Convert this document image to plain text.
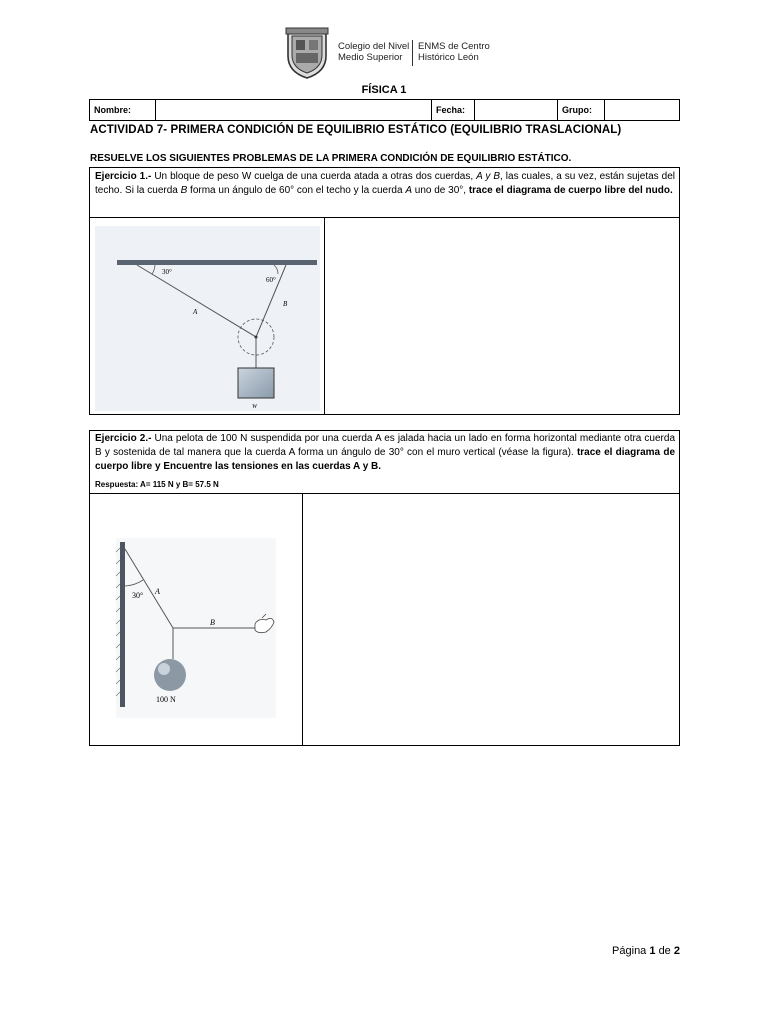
Colegio del Nivel
Medio Superior
ENMS de Centro
Histórico León
FÍSICA 1
Nombre:		Fecha:		Grupo:	
ACTIVIDAD 7- PRIMERA CONDICIÓN DE EQUILIBRIO ESTÁTICO (EQUILIBRIO TRASLACIONAL)
RESUELVE LOS SIGUIENTES PROBLEMAS DE LA PRIMERA CONDICIÓN DE EQUILIBRIO ESTÁTICO.
Ejercicio 1.- Un bloque de peso W cuelga de una cuerda atada a otras dos cuerdas, A y B, las cuales, a su vez, están sujetas del techo. Si la cuerda B forma un ángulo de 60° con el techo y la cuerda A uno de 30°, trace el diagrama de cuerpo libre del nudo.
30°
60°
A
B
W
Ejercicio 2.- Una pelota de 100 N suspendida por una cuerda A es jalada hacia un lado en forma horizontal mediante otra cuerda B y sostenida de tal manera que la cuerda A forma un ángulo de 30° con el muro vertical (véase la figura). trace el diagrama de cuerpo libre y Encuentre las tensiones en las cuerdas A y B.
Respuesta: A= 115 N y B= 57.5 N
30° A
B
100 N
Página 1 de 2
